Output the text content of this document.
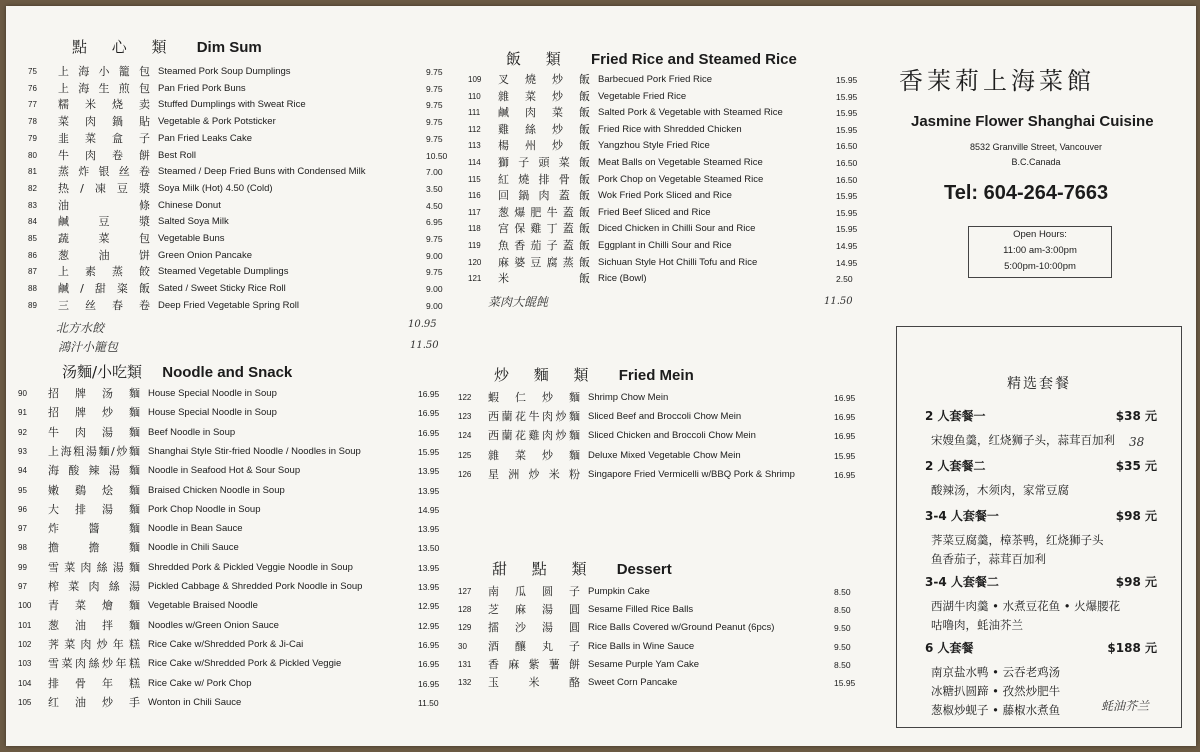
點 心 類 Dim Sum
75	上海小籠包 Steamed Pork Soup Dumplings	9.75
76	上海生煎包 Pan Fried Pork Buns	9.75
77	糯米烧卖 Stuffed Dumplings with Sweat Rice	9.75
78	菜肉鍋貼 Vegetable & Pork Potsticker	9.75
79	韭菜盒子 Pan Fried Leaks Cake	9.75
80	牛肉卷餅 Best Roll	10.50
81	蒸炸银丝卷 Steamed / Deep Fried Buns with Condensed Milk	7.00
82	热/凍豆漿 Soya Milk (Hot) 4.50 (Cold)	3.50
83	油條 Chinese Donut	4.50
84	鹹豆漿 Salted Soya Milk	6.95
85	蔬菜包 Vegetable Buns	9.75
86	葱油饼 Green Onion Pancake	9.00
87	上素蒸餃 Steamed Vegetable Dumplings	9.75
88	鹹/甜粢飯 Sated / Sweet Sticky Rice Roll	9.00
89	三丝春卷 Deep Fried Vegetable Spring Roll	9.00
北方水餃	10.95
鴻汁小籠包	11.50
汤麵/小吃類 Noodle and Snack
90	招牌汤麵 House Special Noodle in Soup	16.95
91	招牌炒麵 House Special Noodle in Soup	16.95
92	牛肉湯麵 Beef Noodle in Soup	16.95
93	上海粗湯麵/炒麵 Shanghai Style Stir-fried Noodle / Noodles in Soup	15.95
94	海酸辣湯麵 Noodle in Seafood Hot & Sour Soup	13.95
95	嫩鷄烩麵 Braised Chicken Noodle in Soup	13.95
96	大排湯麵 Pork Chop Noodle in Soup	14.95
97	炸醬麵 Noodle in Bean Sauce	13.95
98	擔擔麵 Noodle in Chili Sauce	13.50
99	雪菜肉絲湯麵 Shredded Pork & Pickled Veggie Noodle in Soup	13.95
97	榨菜肉絲湯 Pickled Cabbage & Shredded Pork Noodle in Soup	13.95
100	青菜燴麵 Vegetable Braised Noodle	12.95
101	葱油拌麵 Noodles w/Green Onion Sauce	12.95
102	荠菜肉炒年糕 Rice Cake w/Shredded Pork & Ji-Cai	16.95
103	雪菜肉絲炒年糕 Rice Cake w/Shredded Pork & Pickled Veggie	16.95
104	排骨年糕 Rice Cake w/ Pork Chop	16.95
105	红油炒手 Wonton in Chili Sauce	11.50
飯 類 Fried Rice and Steamed Rice
109	叉燒炒飯 Barbecued Pork Fried Rice	15.95
110	雜菜炒飯 Vegetable Fried Rice	15.95
111	鹹肉菜飯 Salted Pork & Vegetable with Steamed Rice	15.95
112	雞絲炒飯 Fried Rice with Shredded Chicken	15.95
113	楊州炒飯 Yangzhou Style Fried Rice	16.50
114	獅子頭菜飯 Meat Balls on Vegetable Steamed Rice	16.50
115	紅燒排骨飯 Pork Chop on Vegetable Steamed Rice	16.50
116	回鍋肉蓋飯 Wok Fried Pork Sliced and Rice	15.95
117	葱爆肥牛蓋飯 Fried Beef Sliced and Rice	15.95
118	宫保雞丁蓋飯 Diced Chicken in Chilli Sour and Rice	15.95
119	魚香茄子蓋飯 Eggplant in Chilli Sour and Rice	14.95
120	麻婆豆腐蒸飯 Sichuan Style Hot Chilli Tofu and Rice	14.95
121	米飯 Rice (Bowl)	2.50
菜肉大餛飩	11.50
炒 麵 類 Fried Mein
122	蝦仁炒麵 Shrimp Chow Mein	16.95
123	西蘭花牛肉炒麵 Sliced Beef and Broccoli Chow Mein	16.95
124	西蘭花雞肉炒麵 Sliced Chicken and Broccoli Chow Mein	16.95
125	雜菜炒麵 Deluxe Mixed Vegetable Chow Mein	15.95
126	星洲炒米粉 Singapore Fried Vermicelli w/BBQ Pork & Shrimp	16.95
甜 點 類 Dessert
127	南瓜圆子 Pumpkin Cake	8.50
128	芝麻湯圓 Sesame Filled Rice Balls	8.50
129	擂沙湯圓 Rice Balls Covered w/Ground Peanut (6pcs)	9.50
30	酒釀丸子 Rice Balls in Wine Sauce	9.50
131	香麻紫薯餅 Sesame Purple Yam Cake	8.50
132	玉米酪 Sweet Corn Pancake	15.95
香茉莉上海菜館
Jasmine Flower Shanghai Cuisine
8532 Granville Street, Vancouver
B.C.Canada
Tel: 604-264-7663
Open Hours:
11:00 am-3:00pm
5:00pm-10:00pm
精选套餐
2 人套餐一	$38 元
宋嫂鱼羹，红烧狮子头，蒜茸百加利
2 人套餐二	$35 元
酸辣汤，木须肉，家常豆腐
3-4 人套餐一	$98 元
荠菜豆腐羹，樟茶鸭，红烧狮子头
鱼香茄子，蒜茸百加利
3-4 人套餐二	$98 元
西湖牛肉羹 • 水煮豆花鱼 • 火爆腰花
咕噜肉，蚝油芥兰
6 人套餐	$188 元
南京盐水鸭 • 云吞老鸡汤
冰糖扒圆蹄 • 孜然炒肥牛
葱椒炒蚬子 • 藤椒水煮鱼
38
蚝油芥兰
